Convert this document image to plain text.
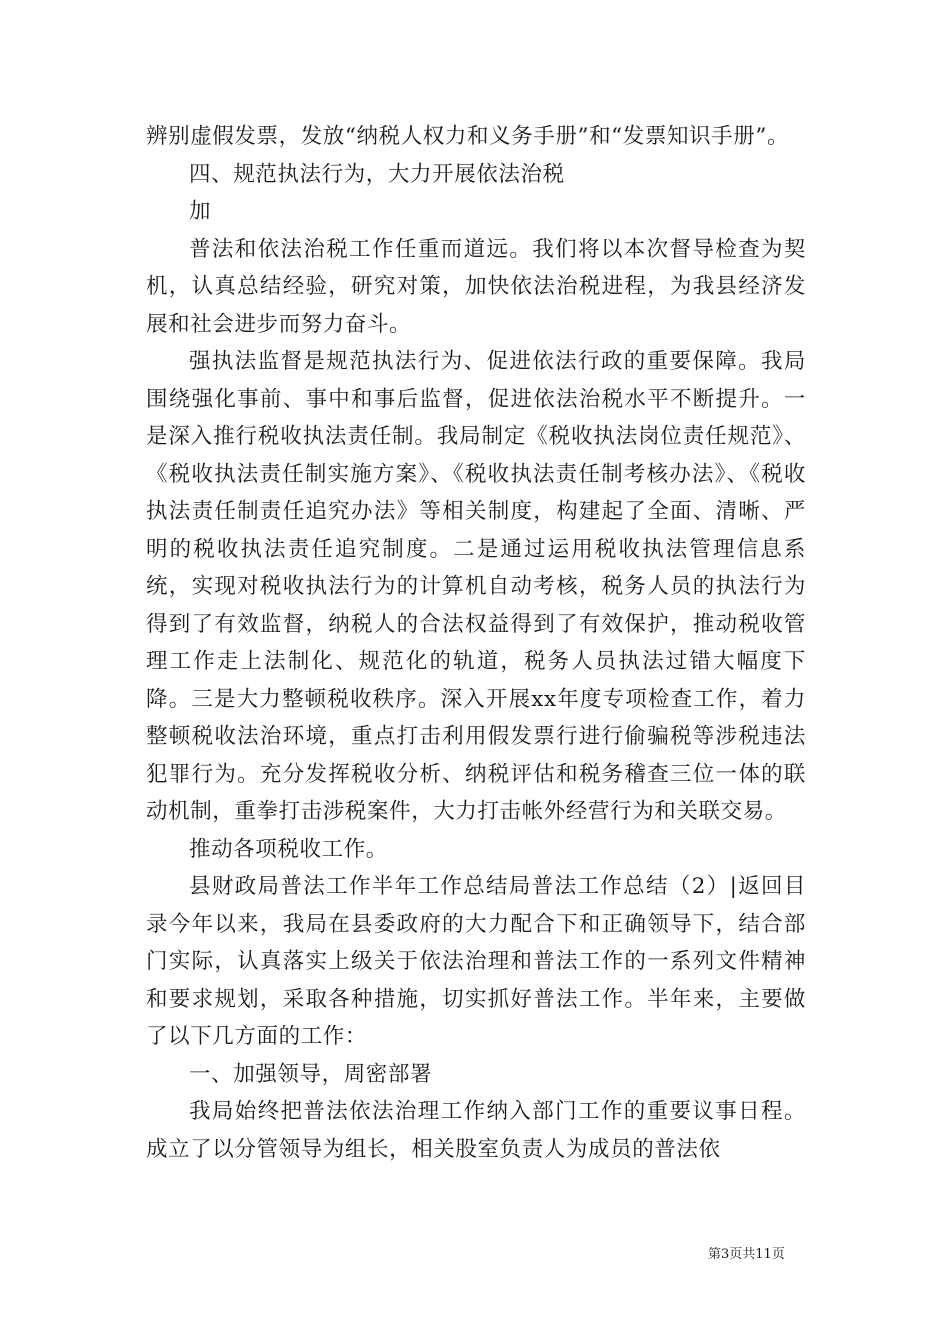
辨别虚假发票，发放“纳税人权力和义务手册”和“发票知识手册”。

四、规范执法行为，大力开展依法治税

加

普法和依法治税工作任重而道远。我们将以本次督导检查为契机，认真总结经验，研究对策，加快依法治税进程，为我县经济发展和社会进步而努力奋斗。

强执法监督是规范执法行为、促进依法行政的重要保障。我局围绕强化事前、事中和事后监督，促进依法治税水平不断提升。一是深入推行税收执法责任制。我局制定《税收执法岗位责任规范》、《税收执法责任制实施方案》、《税收执法责任制考核办法》、《税收执法责任制责任追究办法》等相关制度，构建起了全面、清晰、严明的税收执法责任追究制度。二是通过运用税收执法管理信息系统，实现对税收执法行为的计算机自动考核，税务人员的执法行为得到了有效监督，纳税人的合法权益得到了有效保护，推动税收管理工作走上法制化、规范化的轨道，税务人员执法过错大幅度下降。三是大力整顿税收秩序。深入开展xx年度专项检查工作，着力整顿税收法治环境，重点打击利用假发票行进行偷骗税等涉税违法犯罪行为。充分发挥税收分析、纳税评估和税务稽查三位一体的联动机制，重拳打击涉税案件，大力打击帐外经营行为和关联交易。

推动各项税收工作。

县财政局普法工作半年工作总结局普法工作总结（2）|返回目录今年以来，我局在县委政府的大力配合下和正确领导下，结合部门实际，认真落实上级关于依法治理和普法工作的一系列文件精神和要求规划，采取各种措施，切实抓好普法工作。半年来，主要做了以下几方面的工作：

一、加强领导，周密部署

我局始终把普法依法治理工作纳入部门工作的重要议事日程。成立了以分管领导为组长，相关股室负责人为成员的普法依

第3页共11页
